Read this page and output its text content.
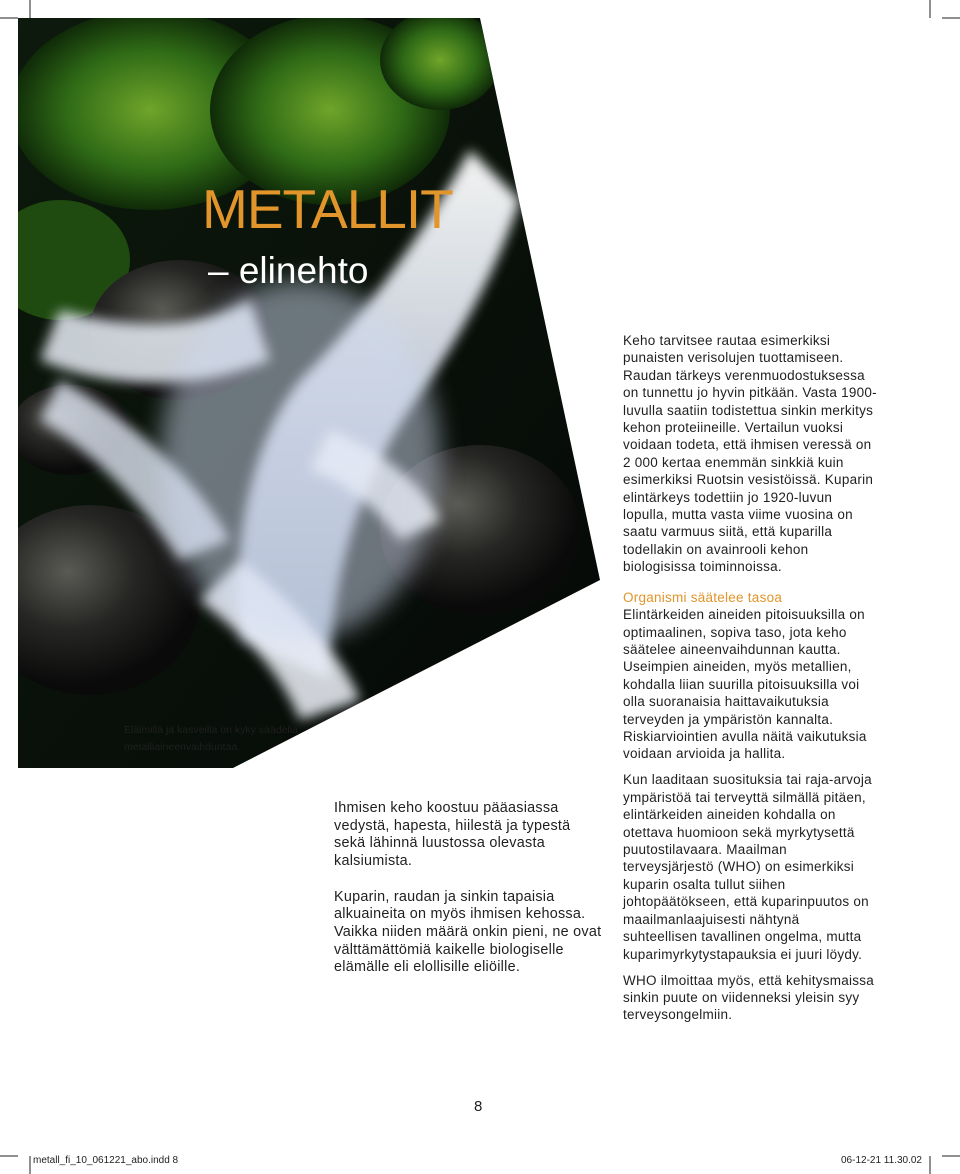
METALLIT
– elinehto

Eläimillä ja kasveilla on kyky säädellä metalliaineenvaihduntaa.

Ihmisen keho koostuu pääasiassa vedystä, hapesta, hiilestä ja typestä sekä lähinnä luustossa olevasta kalsiumista.

Kuparin, raudan ja sinkin tapaisia alkuaineita on myös ihmisen kehossa. Vaikka niiden määrä onkin pieni, ne ovat välttämättömiä kaikelle biologiselle elämälle eli elollisille eliöille.

Keho tarvitsee rautaa esimerkiksi punaisten verisolujen tuottamiseen. Raudan tärkeys verenmuodostuksessa on tunnettu jo hyvin pitkään. Vasta 1900-luvulla saatiin todistettua sinkin merkitys kehon proteiineille. Vertailun vuoksi voidaan todeta, että ihmisen veressä on 2 000 kertaa enemmän sinkkiä kuin esimerkiksi Ruotsin vesistöissä. Kuparin elintärkeys todettiin jo 1920-luvun lopulla, mutta vasta viime vuosina on saatu varmuus siitä, että kuparilla todellakin on avainrooli kehon biologisissa toiminnoissa.

Organismi säätelee tasoa

Elintärkeiden aineiden pitoisuuksilla on optimaalinen, sopiva taso, jota keho säätelee aineenvaihdunnan kautta. Useimpien aineiden, myös metallien, kohdalla liian suurilla pitoisuuksilla voi olla suoranaisia haittavaikutuksia terveyden ja ympäristön kannalta. Riskiarviointien avulla näitä vaikutuksia voidaan arvioida ja hallita.

Kun laaditaan suosituksia tai raja-arvoja ympäristöä tai terveyttä silmällä pitäen, elintärkeiden aineiden kohdalla on otettava huomioon sekä myrkytysettä puutostilavaara. Maailman terveysjärjestö (WHO) on esimerkiksi kuparin osalta tullut siihen johtopäätökseen, että kuparinpuutos on maailmanlaajuisesti nähtynä suhteellisen tavallinen ongelma, mutta kuparimyrkytystapauksia ei juuri löydy.

WHO ilmoittaa myös, että kehitysmaissa sinkin puute on viidenneksi yleisin syy terveysongelmiin.

8

metall_fi_10_061221_abo.indd 8	06-12-21 11.30.02
